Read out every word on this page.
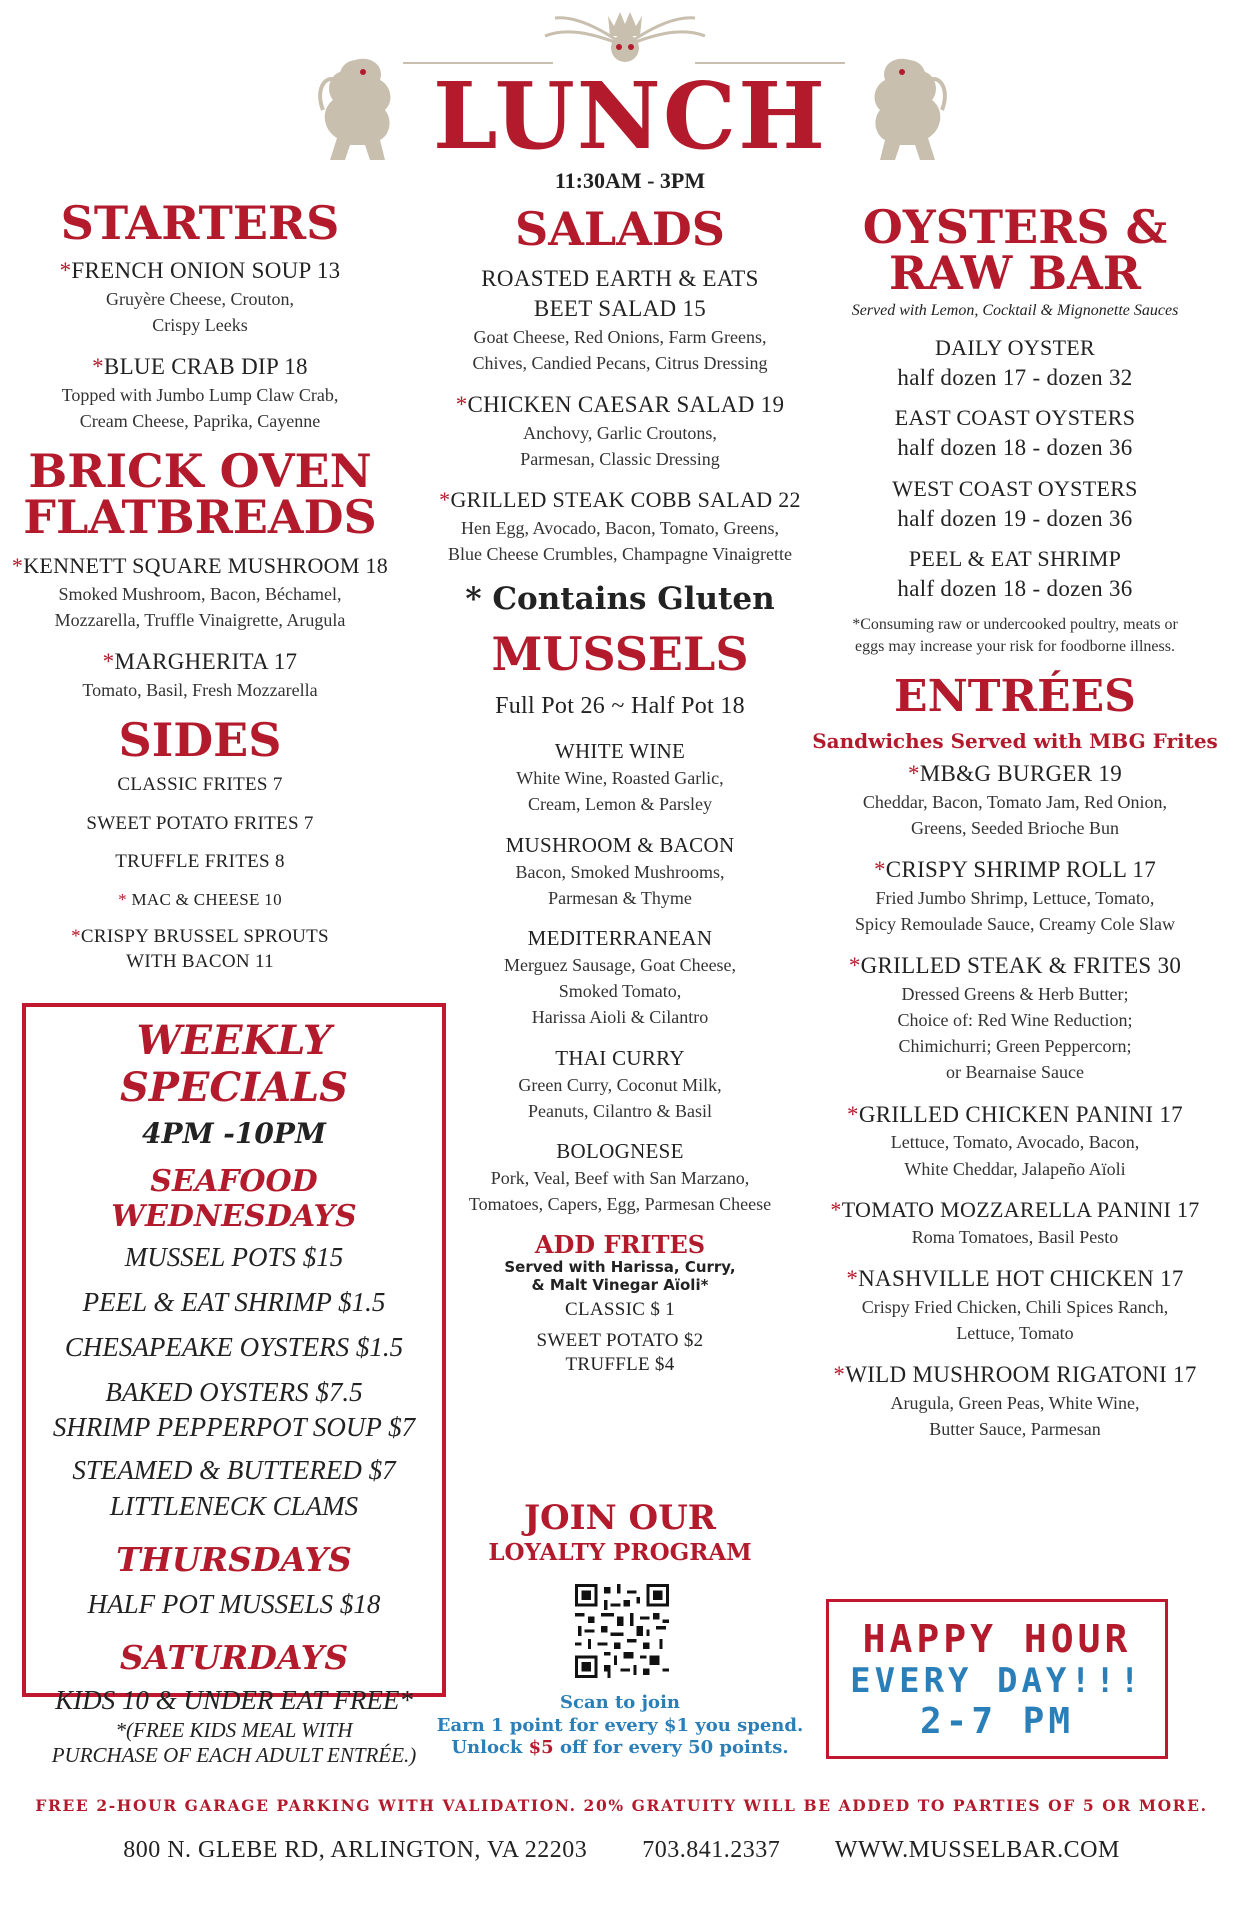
LUNCH
11:30AM - 3PM
STARTERS

*FRENCH ONION SOUP 13

Gruyère Cheese, Crouton,

Crispy Leeks

*BLUE CRAB DIP 18

Topped with Jumbo Lump Claw Crab,

Cream Cheese, Paprika, Cayenne

BRICK OVEN
FLATBREADS

*KENNETT SQUARE MUSHROOM 18

Smoked Mushroom, Bacon, Béchamel,

Mozzarella, Truffle Vinaigrette, Arugula

*MARGHERITA 17

Tomato, Basil, Fresh Mozzarella

SIDES

CLASSIC FRITES 7

SWEET POTATO FRITES 7

TRUFFLE FRITES 8

* MAC & CHEESE 10

*CRISPY BRUSSEL SPROUTS

WITH BACON 11

WEEKLY SPECIALS
4PM -10PM
SEAFOOD WEDNESDAYS

MUSSEL POTS $15

PEEL & EAT SHRIMP $1.5

CHESAPEAKE OYSTERS $1.5

BAKED OYSTERS $7.5

SHRIMP PEPPERPOT SOUP $7

STEAMED & BUTTERED $7

LITTLENECK CLAMS

THURSDAYS

HALF POT MUSSELS $18

SATURDAYS

KIDS 10 & UNDER EAT FREE*

*(FREE KIDS MEAL WITH

PURCHASE OF EACH ADULT ENTRÉE.)

SALADS

ROASTED EARTH & EATS

BEET SALAD 15

Goat Cheese, Red Onions, Farm Greens,

Chives, Candied Pecans, Citrus Dressing

*CHICKEN CAESAR SALAD 19

Anchovy, Garlic Croutons,

Parmesan, Classic Dressing

*GRILLED STEAK COBB SALAD 22

Hen Egg, Avocado, Bacon, Tomato, Greens,

Blue Cheese Crumbles, Champagne Vinaigrette

* Contains Gluten
MUSSELS

Full Pot 26 ~ Half Pot 18

WHITE WINE

White Wine, Roasted Garlic,

Cream, Lemon & Parsley

MUSHROOM & BACON

Bacon, Smoked Mushrooms,

Parmesan & Thyme

MEDITERRANEAN

Merguez Sausage, Goat Cheese,

Smoked Tomato,

Harissa Aioli & Cilantro

THAI CURRY

Green Curry, Coconut Milk,

Peanuts, Cilantro & Basil

BOLOGNESE

Pork, Veal, Beef with San Marzano,

Tomatoes, Capers, Egg, Parmesan Cheese

ADD FRITES
Served with Harissa, Curry,
& Malt Vinegar Aïoli*

CLASSIC $ 1

SWEET POTATO $2

TRUFFLE $4

JOIN OUR
LOYALTY PROGRAM
Scan to join
Earn 1 point for every $1 you spend.
Unlock $5 off for every 50 points.
OYSTERS &
RAW BAR
Served with Lemon, Cocktail & Mignonette Sauces

DAILY OYSTER

half dozen 17 - dozen 32

EAST COAST OYSTERS

half dozen 18 - dozen 36

WEST COAST OYSTERS

half dozen 19 - dozen 36

PEEL & EAT SHRIMP

half dozen 18 - dozen 36

*Consuming raw or undercooked poultry, meats or

eggs may increase your risk for foodborne illness.

ENTRÉES
Sandwiches Served with MBG Frites

*MB&G BURGER 19

Cheddar, Bacon, Tomato Jam, Red Onion,

Greens, Seeded Brioche Bun

*CRISPY SHRIMP ROLL 17

Fried Jumbo Shrimp, Lettuce, Tomato,

Spicy Remoulade Sauce, Creamy Cole Slaw

*GRILLED STEAK & FRITES 30

Dressed Greens & Herb Butter;

Choice of: Red Wine Reduction;

Chimichurri; Green Peppercorn;

or Bearnaise Sauce

*GRILLED CHICKEN PANINI 17

Lettuce, Tomato, Avocado, Bacon,

White Cheddar, Jalapeño Aïoli

*TOMATO MOZZARELLA PANINI 17

Roma Tomatoes, Basil Pesto

*NASHVILLE HOT CHICKEN 17

Crispy Fried Chicken, Chili Spices Ranch,

Lettuce, Tomato

*WILD MUSHROOM RIGATONI 17

Arugula, Green Peas, White Wine,

Butter Sauce, Parmesan

HAPPY HOUR
EVERY DAY!!!
2-7 PM
FREE 2-HOUR GARAGE PARKING WITH VALIDATION. 20% GRATUITY WILL BE ADDED TO PARTIES OF 5 OR MORE.
800 N. GLEBE RD, ARLINGTON, VA 22203 703.841.2337 WWW.MUSSELBAR.COM
